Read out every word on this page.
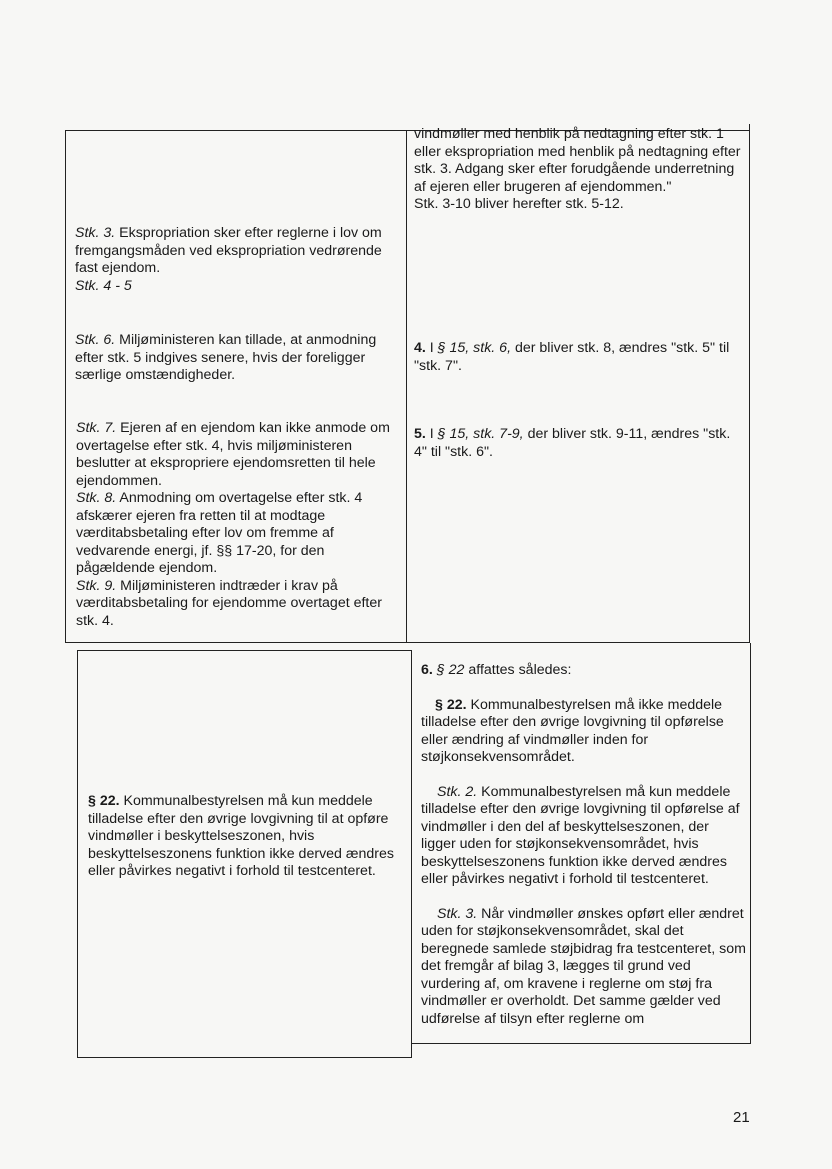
Stk. 3. Ekspropriation sker efter reglerne i lov om fremgangsmåden ved ekspropriation vedrørende fast ejendom.

Stk. 4 - 5

Stk. 6. Miljøministeren kan tillade, at anmodning efter stk. 5 indgives senere, hvis der foreligger særlige omstændigheder.

Stk. 7. Ejeren af en ejendom kan ikke anmode om overtagelse efter stk. 4, hvis miljøministeren beslutter at ekspropriere ejendomsretten til hele ejendommen.

Stk. 8. Anmodning om overtagelse efter stk. 4 afskærer ejeren fra retten til at modtage værditabsbetaling efter lov om fremme af vedvarende energi, jf. §§ 17-20, for den pågældende ejendom.

Stk. 9. Miljøministeren indtræder i krav på værditabsbetaling for ejendomme overtaget efter stk. 4.

vindmøller med henblik på nedtagning efter stk. 1 eller ekspropriation med henblik på nedtagning efter stk. 3. Adgang sker efter forudgående underretning af ejeren eller brugeren af ejendommen."

Stk. 3-10 bliver herefter stk. 5-12.

4. I § 15, stk. 6, der bliver stk. 8, ændres "stk. 5" til "stk. 7".

5. I § 15, stk. 7-9, der bliver stk. 9-11, ændres "stk. 4" til "stk. 6".

§ 22. Kommunalbestyrelsen må kun meddele tilladelse efter den øvrige lovgivning til at opføre vindmøller i beskyttelseszonen, hvis beskyttelseszonens funktion ikke derved ændres eller påvirkes negativt i forhold til testcenteret.

6. § 22 affattes således:

§ 22. Kommunalbestyrelsen må ikke meddele tilladelse efter den øvrige lovgivning til opførelse eller ændring af vindmøller inden for støjkonsekvensområdet.

Stk. 2. Kommunalbestyrelsen må kun meddele tilladelse efter den øvrige lovgivning til opførelse af vindmøller i den del af beskyttelseszonen, der ligger uden for støjkonsekvensområdet, hvis beskyttelseszonens funktion ikke derved ændres eller påvirkes negativt i forhold til testcenteret.

Stk. 3. Når vindmøller ønskes opført eller ændret uden for støjkonsekvensområdet, skal det beregnede samlede støjbidrag fra testcenteret, som det fremgår af bilag 3, lægges til grund ved vurdering af, om kravene i reglerne om støj fra vindmøller er overholdt. Det samme gælder ved udførelse af tilsyn efter reglerne om

21
